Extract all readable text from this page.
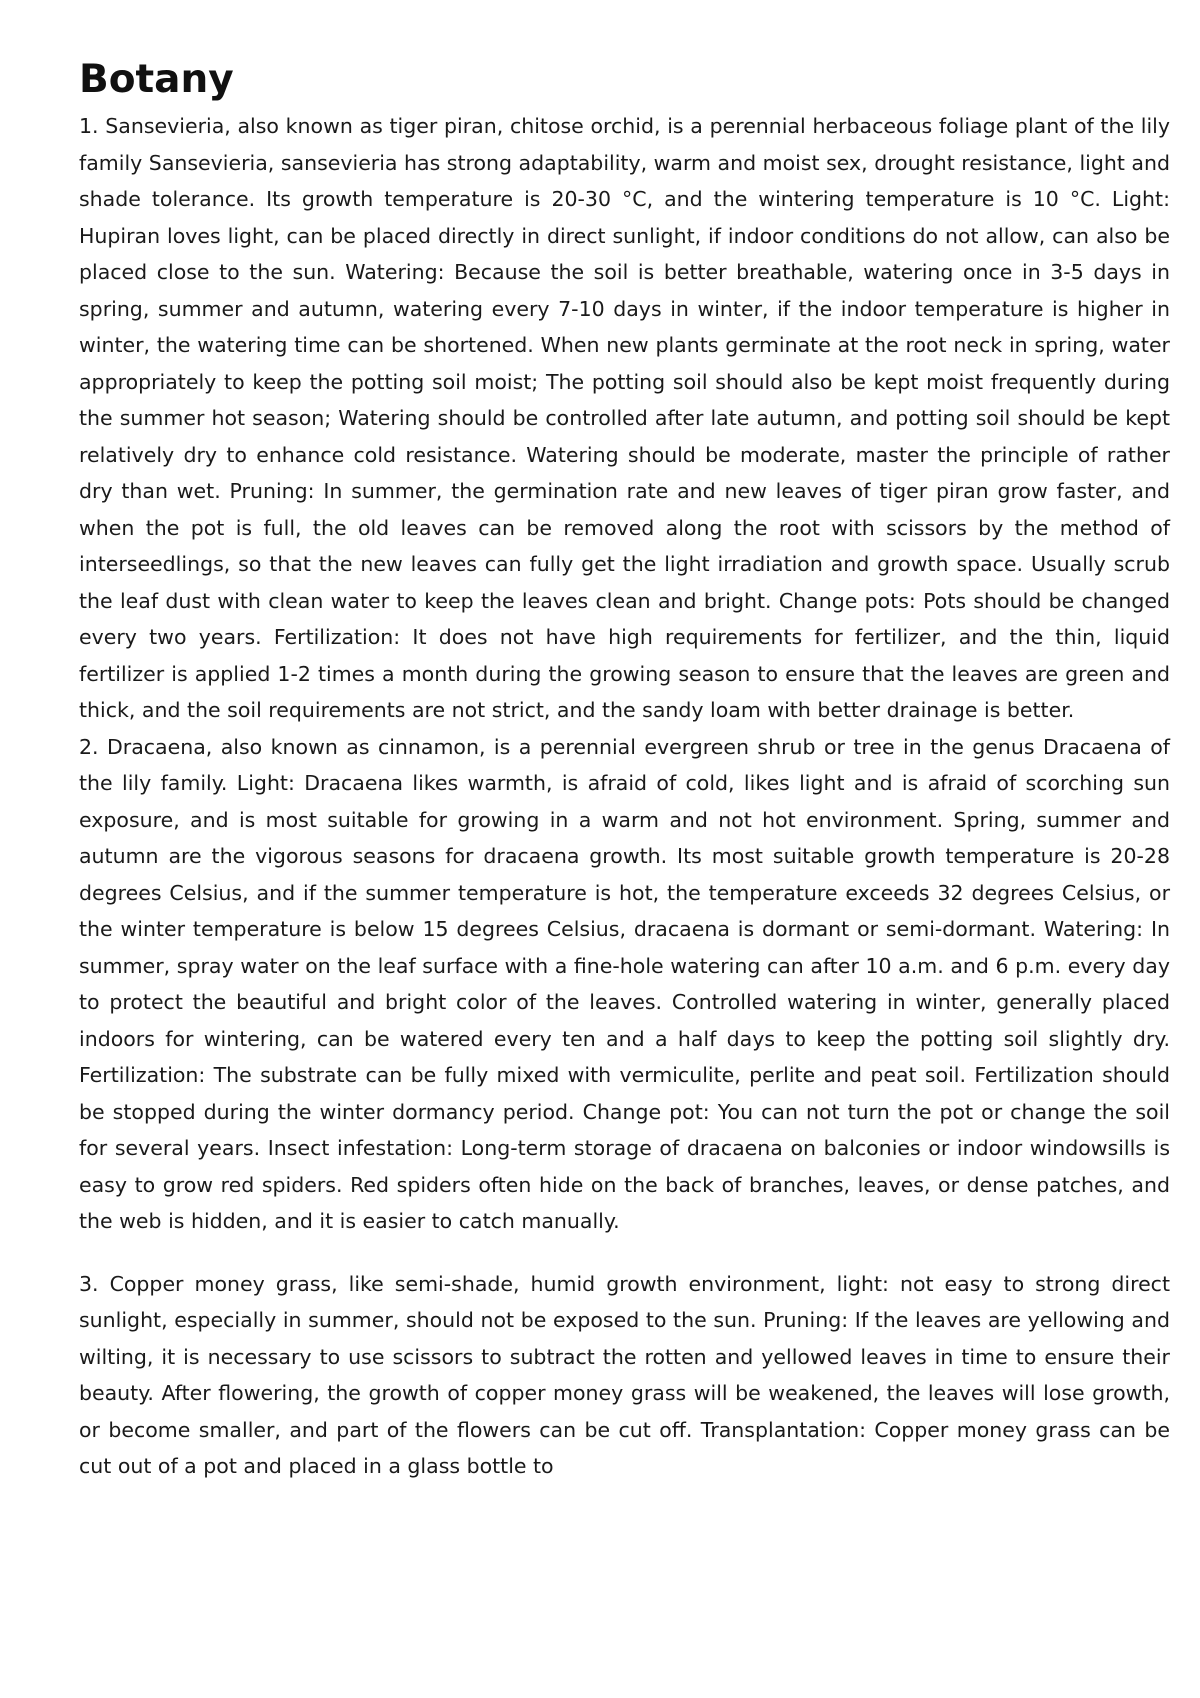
Botany

1. Sansevieria, also known as tiger piran, chitose orchid, is a perennial herbaceous foliage plant of the lily family Sansevieria, sansevieria has strong adaptability, warm and moist sex, drought resistance, light and shade tolerance. Its growth temperature is 20-30 °C, and the wintering temperature is 10 °C. Light: Hupiran loves light, can be placed directly in direct sunlight, if indoor conditions do not allow, can also be placed close to the sun. Watering: Because the soil is better breathable, watering once in 3-5 days in spring, summer and autumn, watering every 7-10 days in winter, if the indoor temperature is higher in winter, the watering time can be shortened. When new plants germinate at the root neck in spring, water appropriately to keep the potting soil moist; The potting soil should also be kept moist frequently during the summer hot season; Watering should be controlled after late autumn, and potting soil should be kept relatively dry to enhance cold resistance. Watering should be moderate, master the principle of rather dry than wet. Pruning: In summer, the germination rate and new leaves of tiger piran grow faster, and when the pot is full, the old leaves can be removed along the root with scissors by the method of interseedlings, so that the new leaves can fully get the light irradiation and growth space. Usually scrub the leaf dust with clean water to keep the leaves clean and bright. Change pots: Pots should be changed every two years. Fertilization: It does not have high requirements for fertilizer, and the thin, liquid fertilizer is applied 1-2 times a month during the growing season to ensure that the leaves are green and thick, and the soil requirements are not strict, and the sandy loam with better drainage is better.

2. Dracaena, also known as cinnamon, is a perennial evergreen shrub or tree in the genus Dracaena of the lily family. Light: Dracaena likes warmth, is afraid of cold, likes light and is afraid of scorching sun exposure, and is most suitable for growing in a warm and not hot environment. Spring, summer and autumn are the vigorous seasons for dracaena growth. Its most suitable growth temperature is 20-28 degrees Celsius, and if the summer temperature is hot, the temperature exceeds 32 degrees Celsius, or the winter temperature is below 15 degrees Celsius, dracaena is dormant or semi-dormant. Watering: In summer, spray water on the leaf surface with a fine-hole watering can after 10 a.m. and 6 p.m. every day to protect the beautiful and bright color of the leaves. Controlled watering in winter, generally placed indoors for wintering, can be watered every ten and a half days to keep the potting soil slightly dry. Fertilization: The substrate can be fully mixed with vermiculite, perlite and peat soil. Fertilization should be stopped during the winter dormancy period. Change pot: You can not turn the pot or change the soil for several years. Insect infestation: Long-term storage of dracaena on balconies or indoor windowsills is easy to grow red spiders. Red spiders often hide on the back of branches, leaves, or dense patches, and the web is hidden, and it is easier to catch manually.

3. Copper money grass, like semi-shade, humid growth environment, light: not easy to strong direct sunlight, especially in summer, should not be exposed to the sun. Pruning: If the leaves are yellowing and wilting, it is necessary to use scissors to subtract the rotten and yellowed leaves in time to ensure their beauty. After flowering, the growth of copper money grass will be weakened, the leaves will lose growth, or become smaller, and part of the flowers can be cut off. Transplantation: Copper money grass can be cut out of a pot and placed in a glass bottle to
